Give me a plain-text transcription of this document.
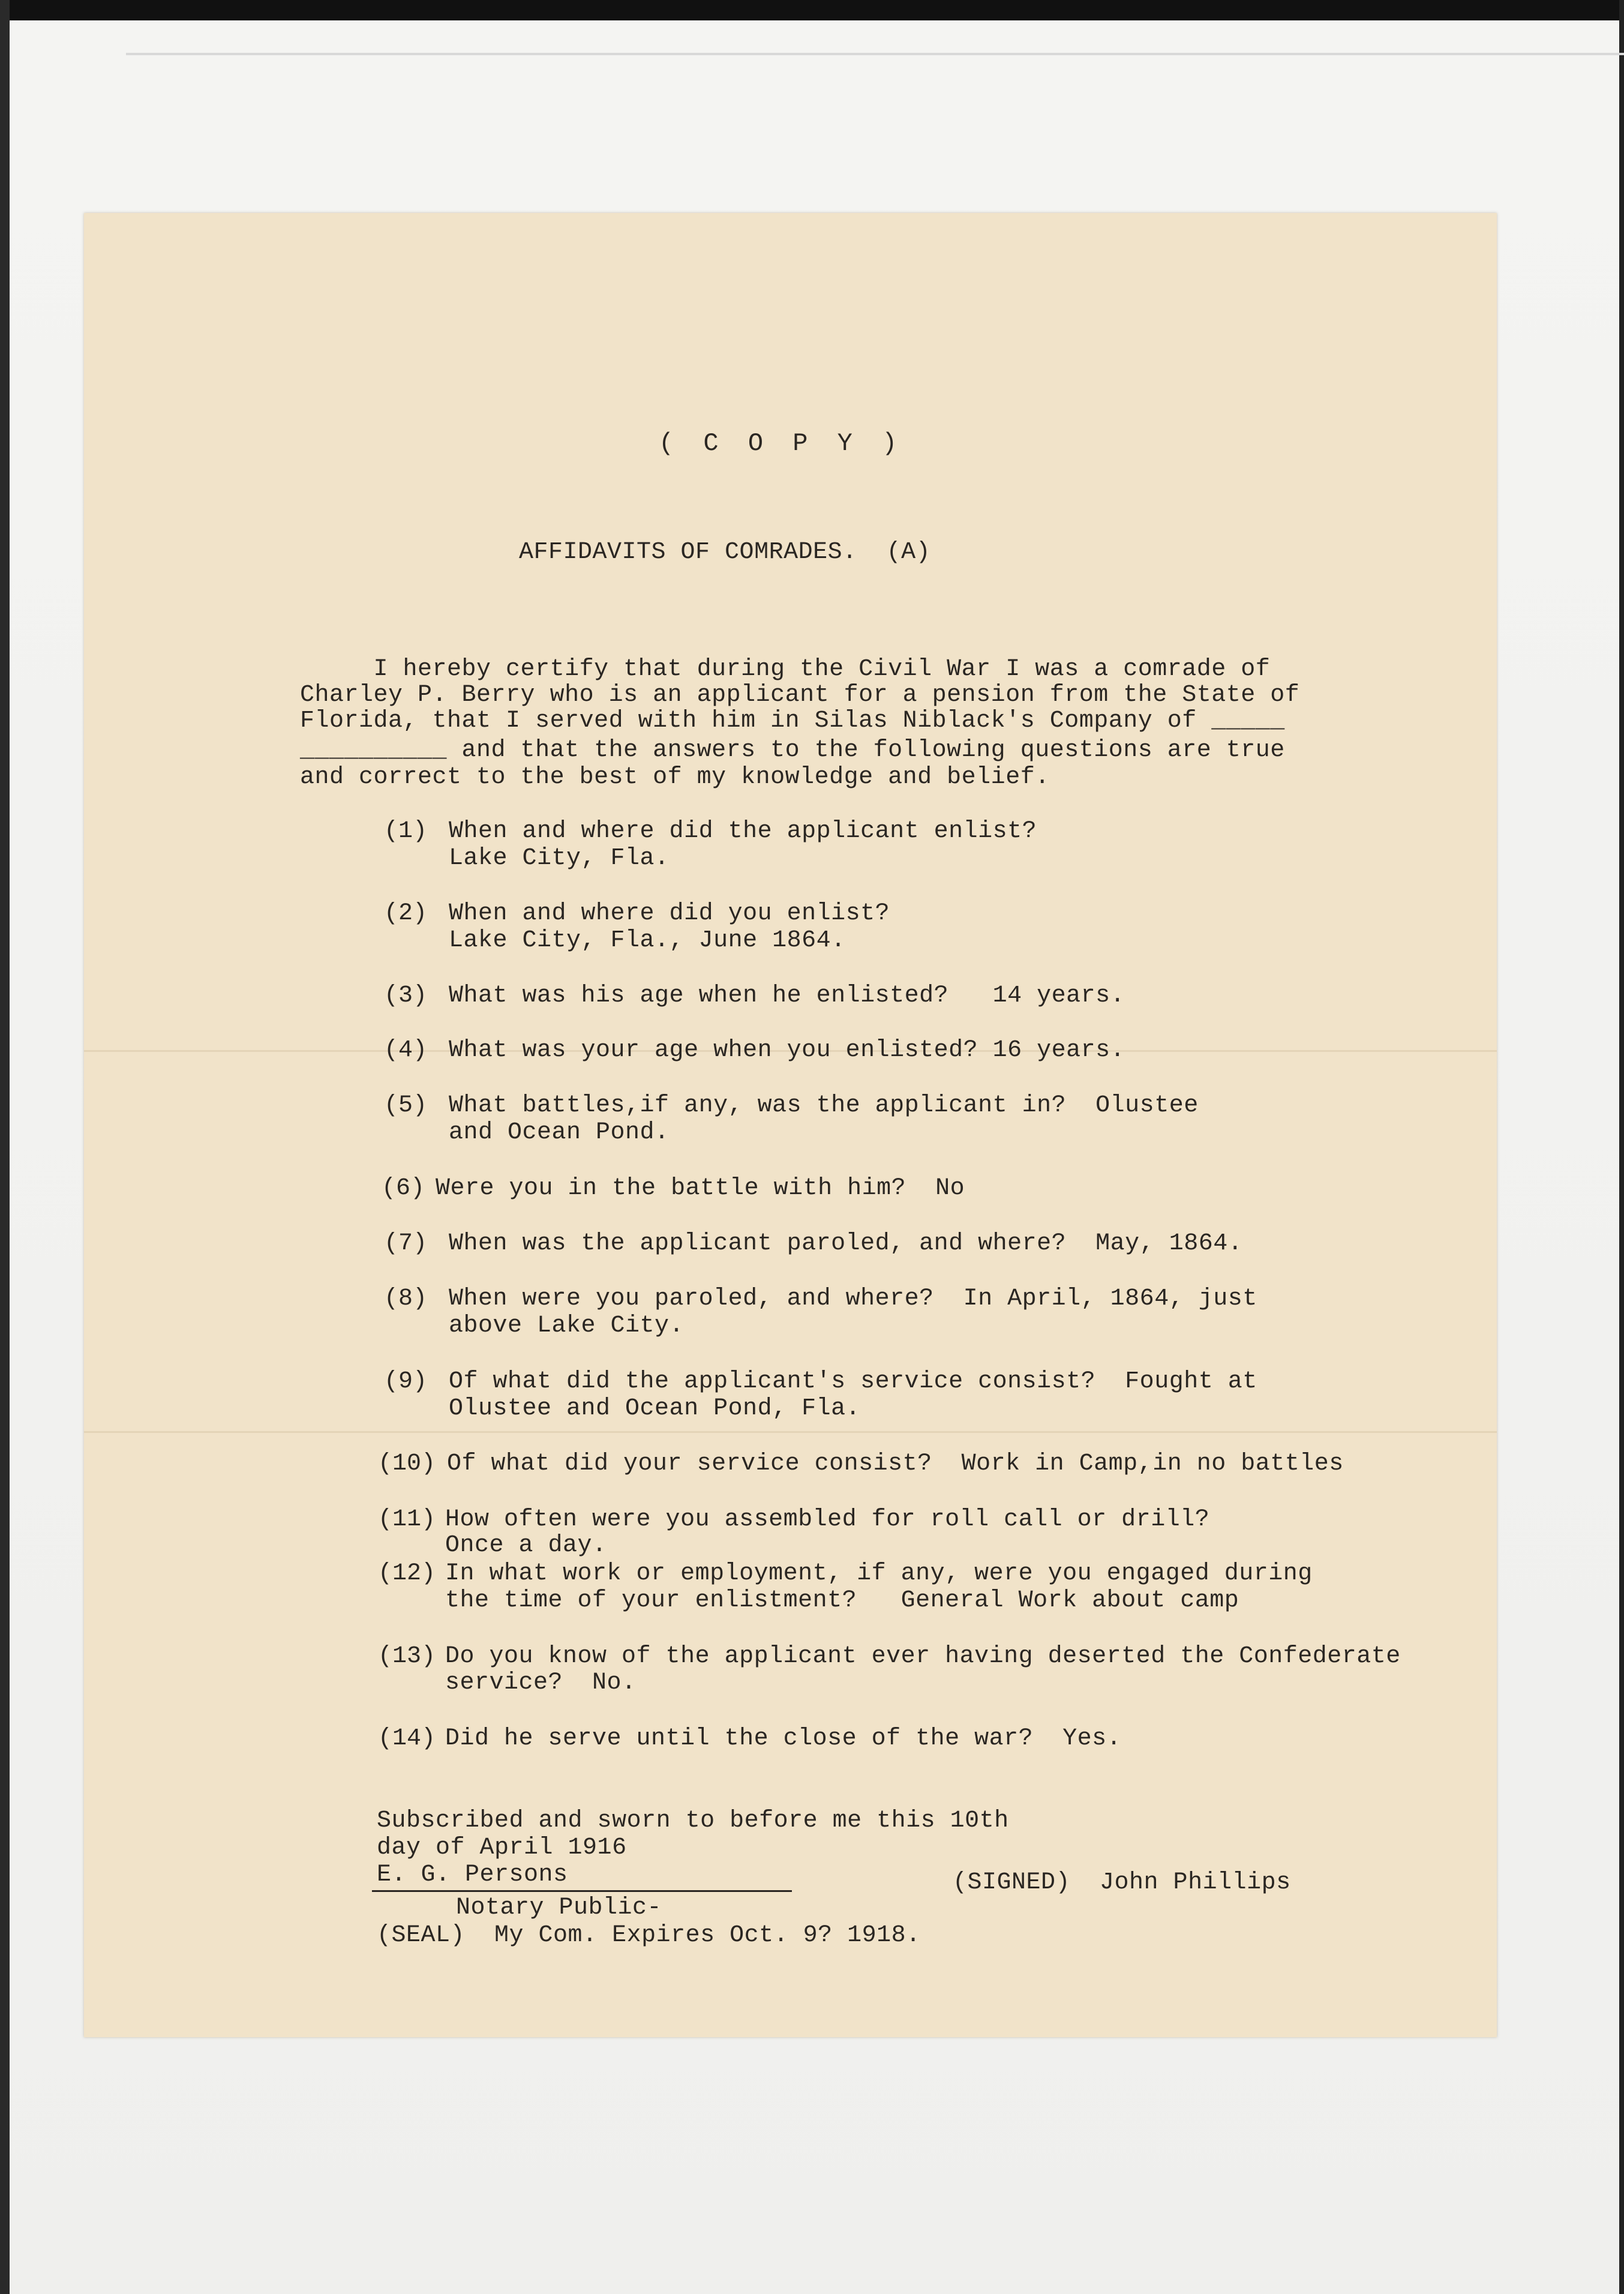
( C O P Y )
AFFIDAVITS OF COMRADES.  (A)
I hereby certify that during the Civil War I was a comrade of
Charley P. Berry who is an applicant for a pension from the State of
Florida, that I served with him in Silas Niblack's Company of _____
__________ and that the answers to the following questions are true
and correct to the best of my knowledge and belief.
(1) When and where did the applicant enlist?
Lake City, Fla.
(2) When and where did you enlist?
Lake City, Fla., June 1864.
(3) What was his age when he enlisted?   14 years.
(4) What was your age when you enlisted? 16 years.
(5) What battles,if any, was the applicant in?  Olustee
and Ocean Pond.
(6) Were you in the battle with him?  No
(7) When was the applicant paroled, and where?  May, 1864.
(8) When were you paroled, and where?  In April, 1864, just
above Lake City.
(9) Of what did the applicant's service consist?  Fought at
Olustee and Ocean Pond, Fla.
(10) Of what did your service consist?  Work in Camp,in no battles
(11) How often were you assembled for roll call or drill?
Once a day.
(12) In what work or employment, if any, were you engaged during
the time of your enlistment?   General Work about camp
(13) Do you know of the applicant ever having deserted the Confederate
service?  No.
(14) Did he serve until the close of the war?  Yes.
Subscribed and sworn to before me this 10th
day of April 1916
E. G. Persons
Notary Public-
(SEAL)  My Com. Expires Oct. 9? 1918.
(SIGNED)  John Phillips
